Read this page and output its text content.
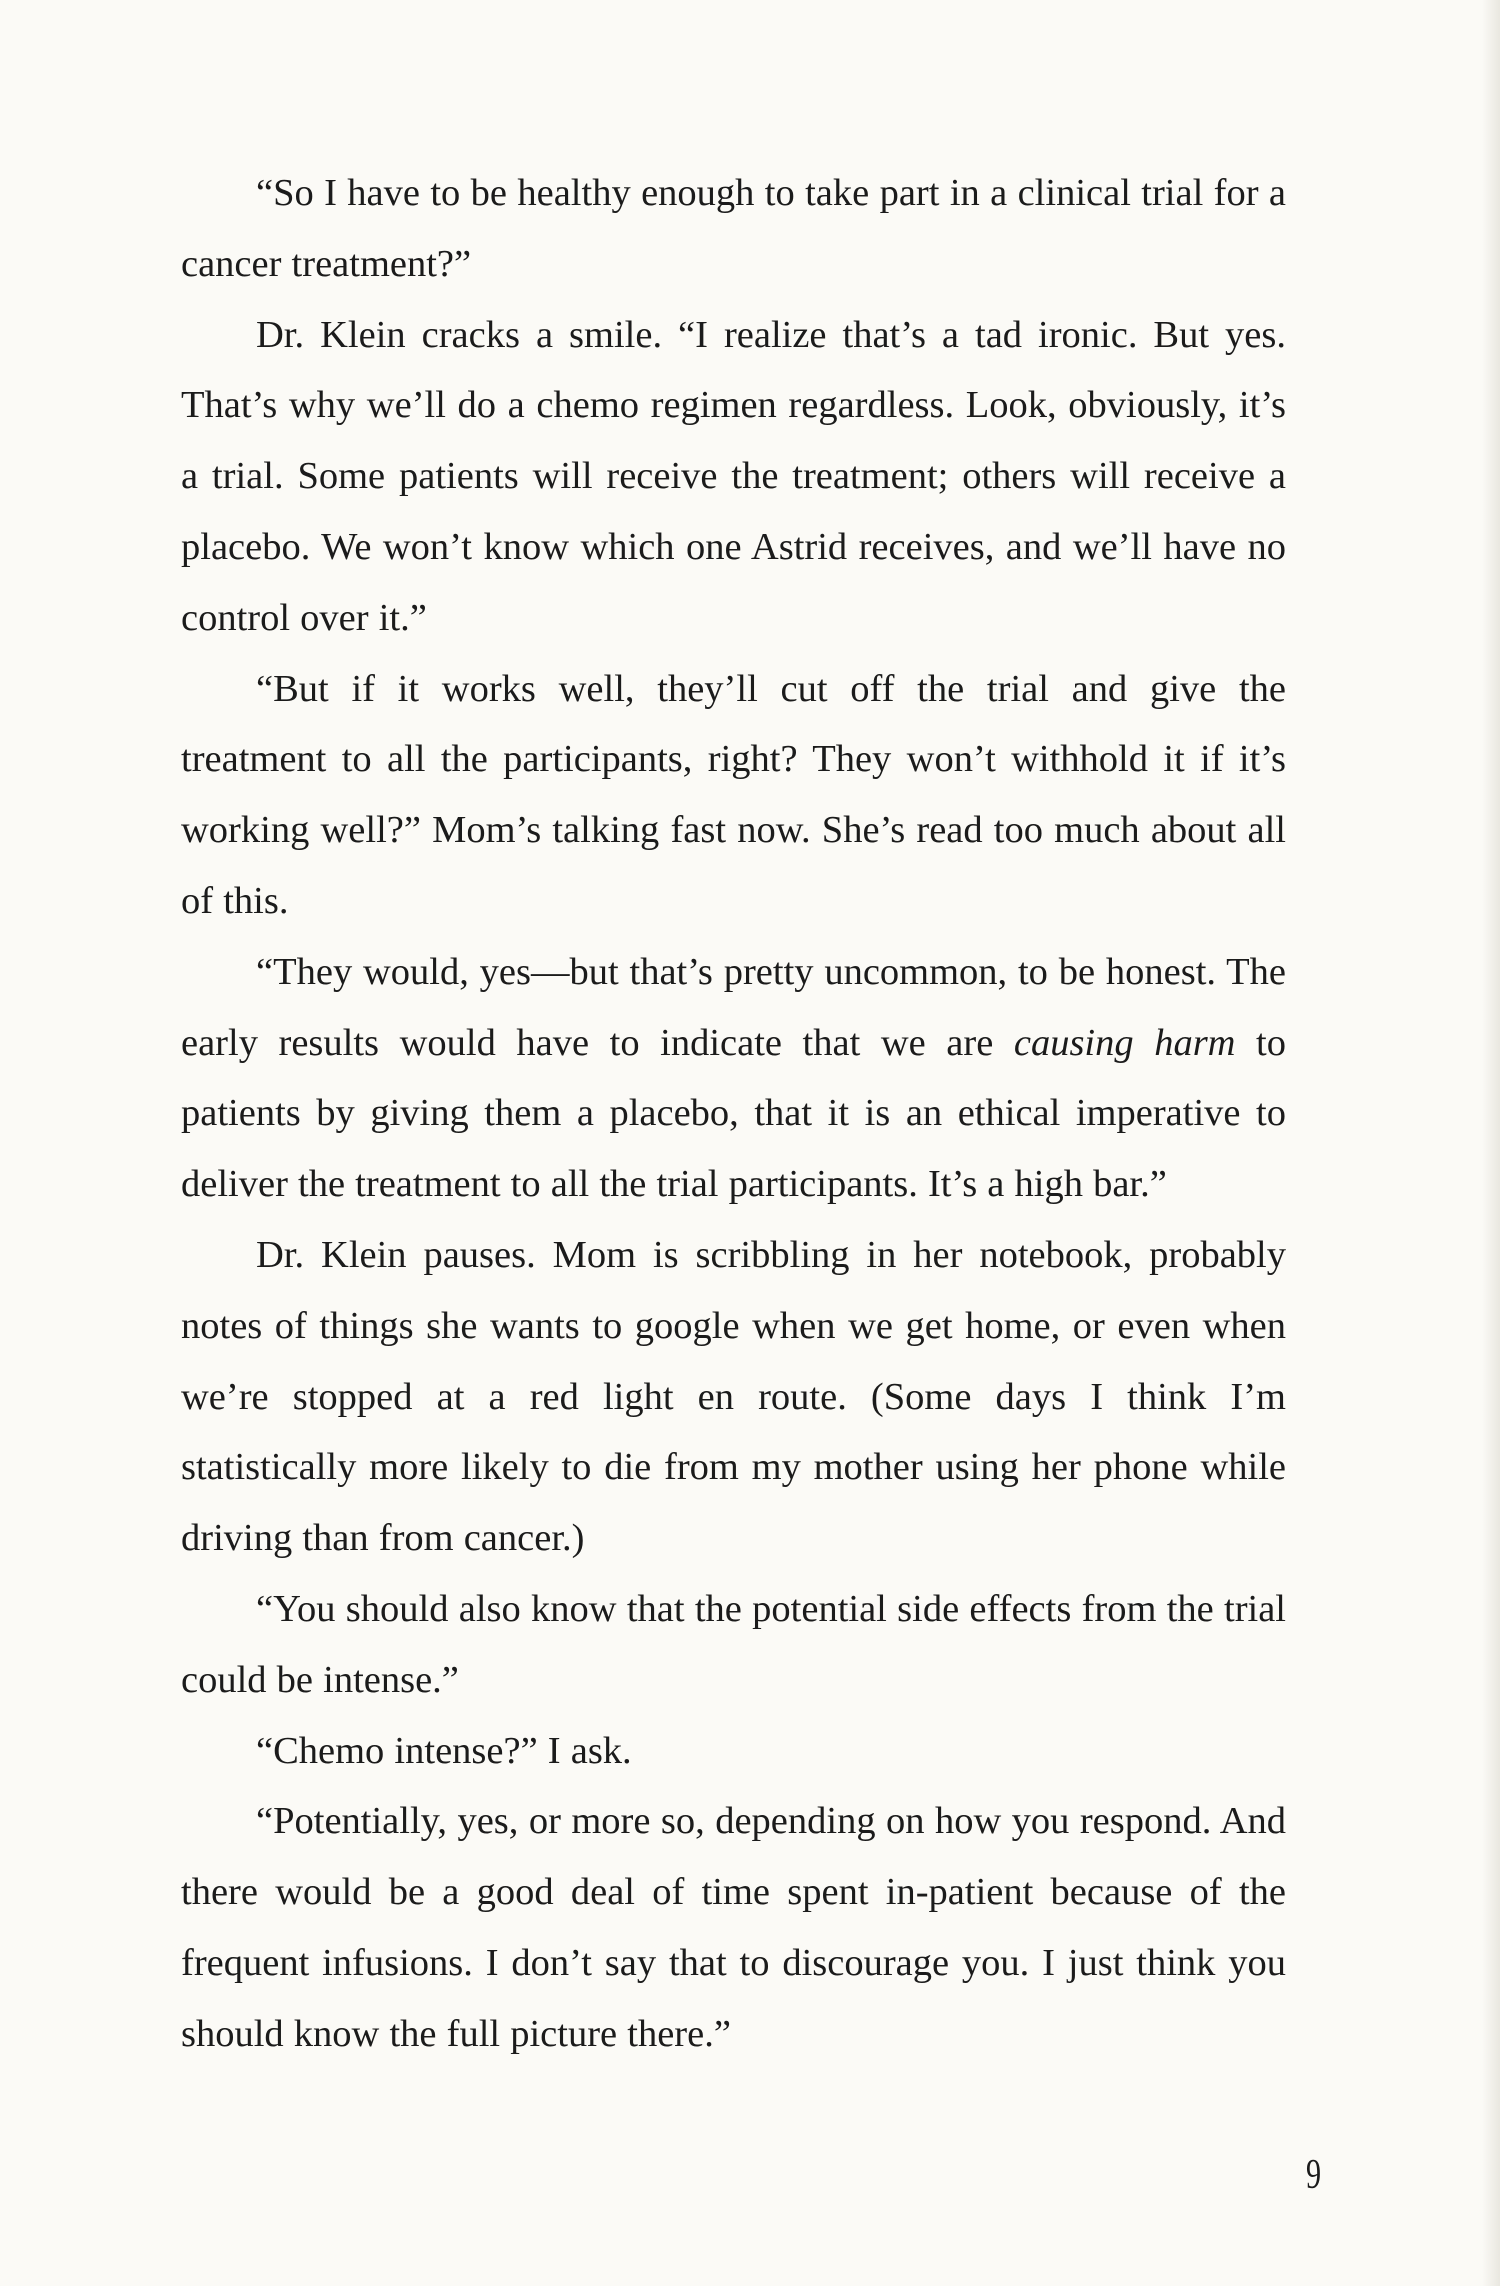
“So I have to be healthy enough to take part in a clinical trial for a cancer treatment?”

Dr. Klein cracks a smile. “I realize that’s a tad ironic. But yes. That’s why we’ll do a chemo regimen regardless. Look, obviously, it’s a trial. Some patients will receive the treatment; others will receive a placebo. We won’t know which one Astrid receives, and we’ll have no control over it.”

“But if it works well, they’ll cut off the trial and give the treatment to all the participants, right? They won’t withhold it if it’s working well?” Mom’s talking fast now. She’s read too much about all of this.

“They would, yes—but that’s pretty uncommon, to be honest. The early results would have to indicate that we are causing harm to patients by giving them a placebo, that it is an ethical imperative to deliver the treatment to all the trial participants. It’s a high bar.”

Dr. Klein pauses. Mom is scribbling in her notebook, probably notes of things she wants to google when we get home, or even when we’re stopped at a red light en route. (Some days I think I’m statistically more likely to die from my mother using her phone while driving than from cancer.)

“You should also know that the potential side effects from the trial could be intense.”

“Chemo intense?” I ask.

“Potentially, yes, or more so, depending on how you respond. And there would be a good deal of time spent in-patient because of the frequent infusions. I don’t say that to discourage you. I just think you should know the full picture there.”

9
